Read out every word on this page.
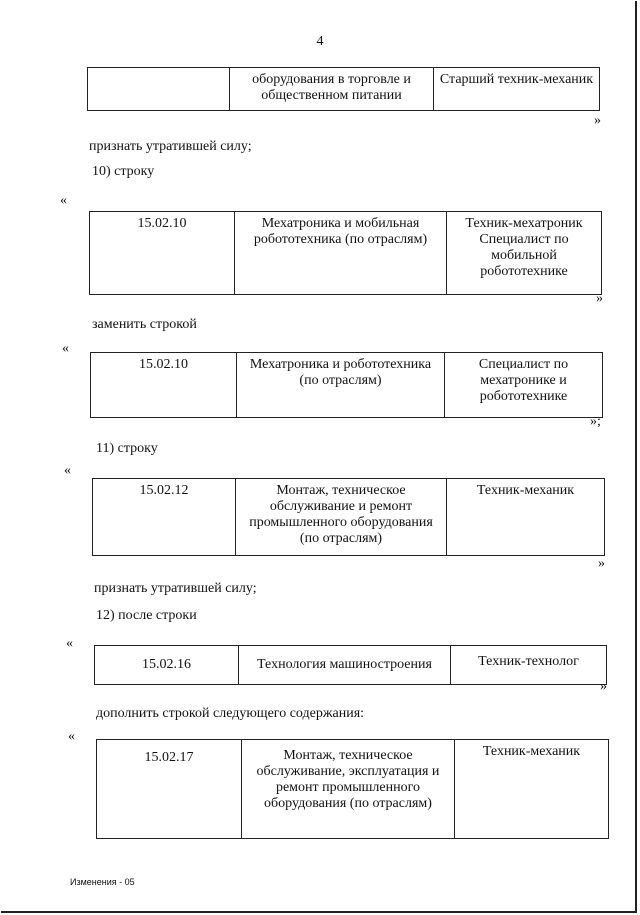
4
	оборудования в торговле и общественном питании	Старший техник-механик
»
признать утратившей силу;
10) строку
«
15.02.10	Мехатроника и мобильная робототехника (по отраслям)	Техник-мехатроник Специалист по мобильной робототехнике
»
заменить строкой
«
15.02.10	Мехатроника и робототехника (по отраслям)	Специалист по мехатронике и робототехнике
»;
11) строку
«
15.02.12	Монтаж, техническое обслуживание и ремонт промышленного оборудования (по отраслям)	Техник-механик
»
признать утратившей силу;
12) после строки
«
15.02.16	Технология машиностроения	Техник-технолог
»
дополнить строкой следующего содержания:
«
15.02.17	Монтаж, техническое обслуживание, эксплуатация и ремонт промышленного оборудования (по отраслям)	Техник-механик
Изменения - 05
